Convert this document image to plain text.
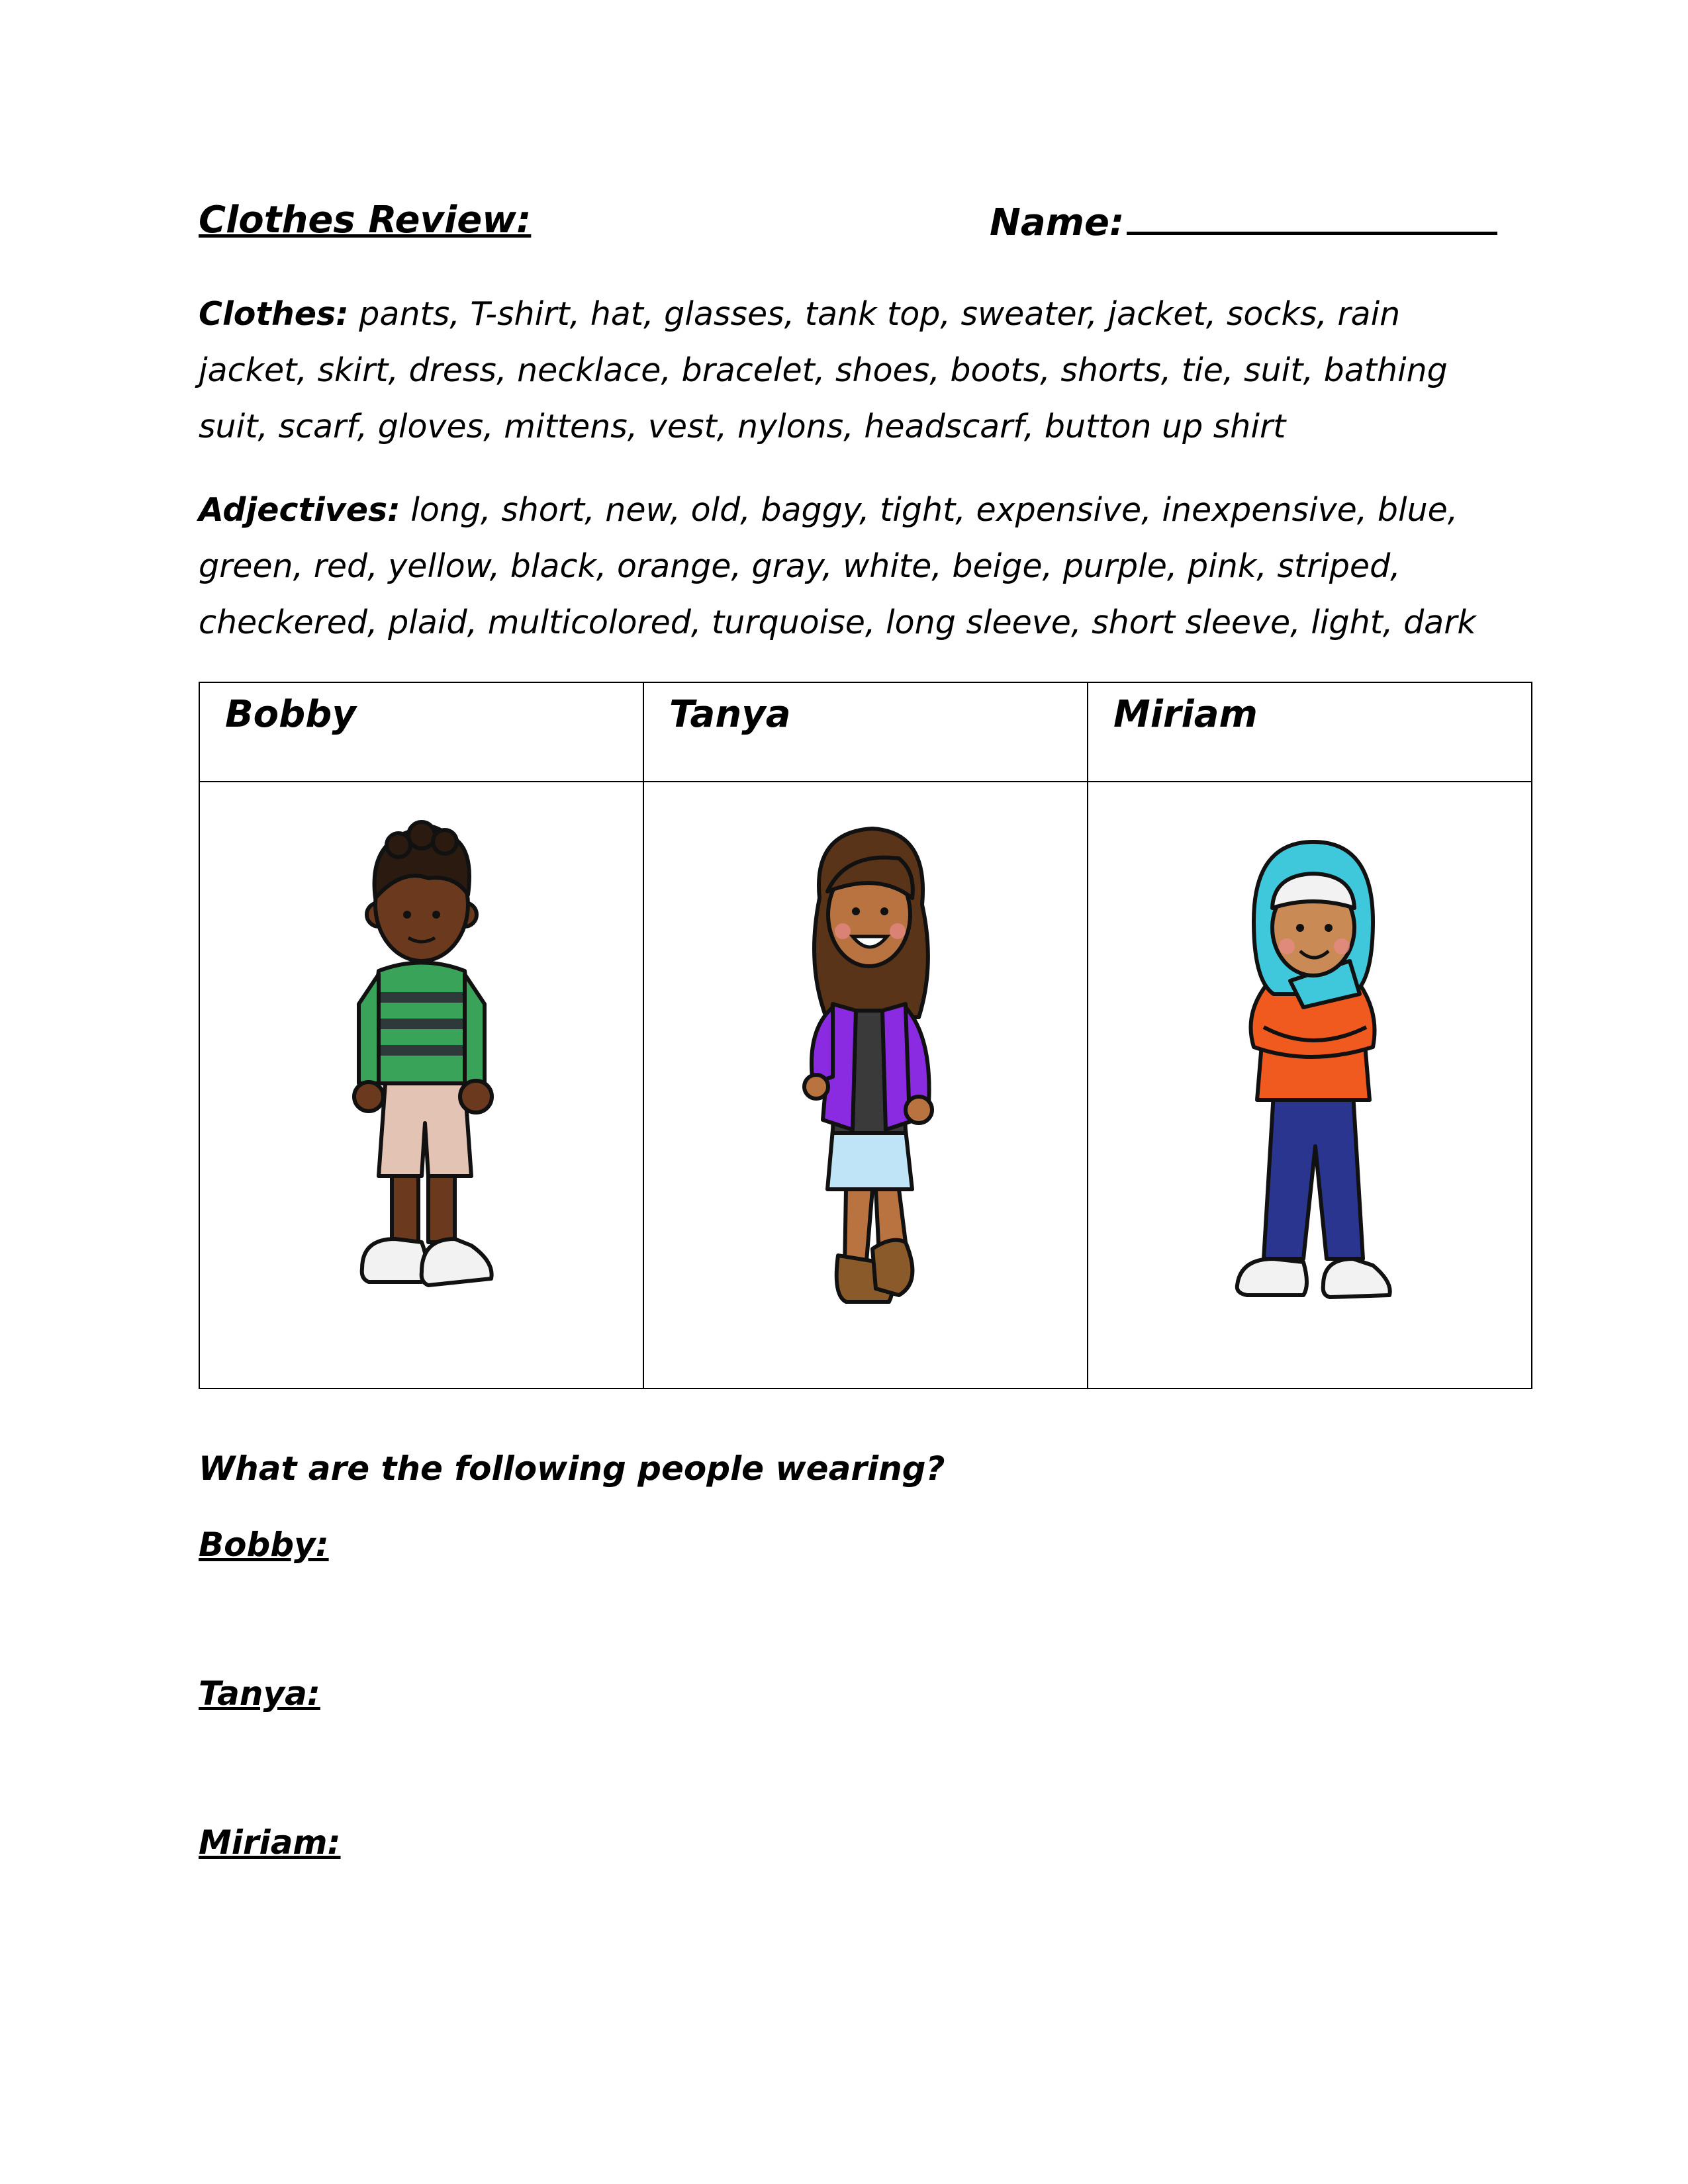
Clothes Review:	Name:
Clothes: pants, T-shirt, hat, glasses, tank top, sweater, jacket, socks, rain jacket, skirt, dress, necklace, bracelet, shoes, boots, shorts, tie, suit, bathing suit, scarf, gloves, mittens, vest, nylons, headscarf, button up shirt
Adjectives: long, short, new, old, baggy, tight, expensive, inexpensive, blue, green, red, yellow, black, orange, gray, white, beige, purple, pink, striped, checkered, plaid, multicolored, turquoise, long sleeve, short sleeve, light, dark
Bobby	Tanya	Miriam

What are the following people wearing?
Bobby:
Tanya:
Miriam:
